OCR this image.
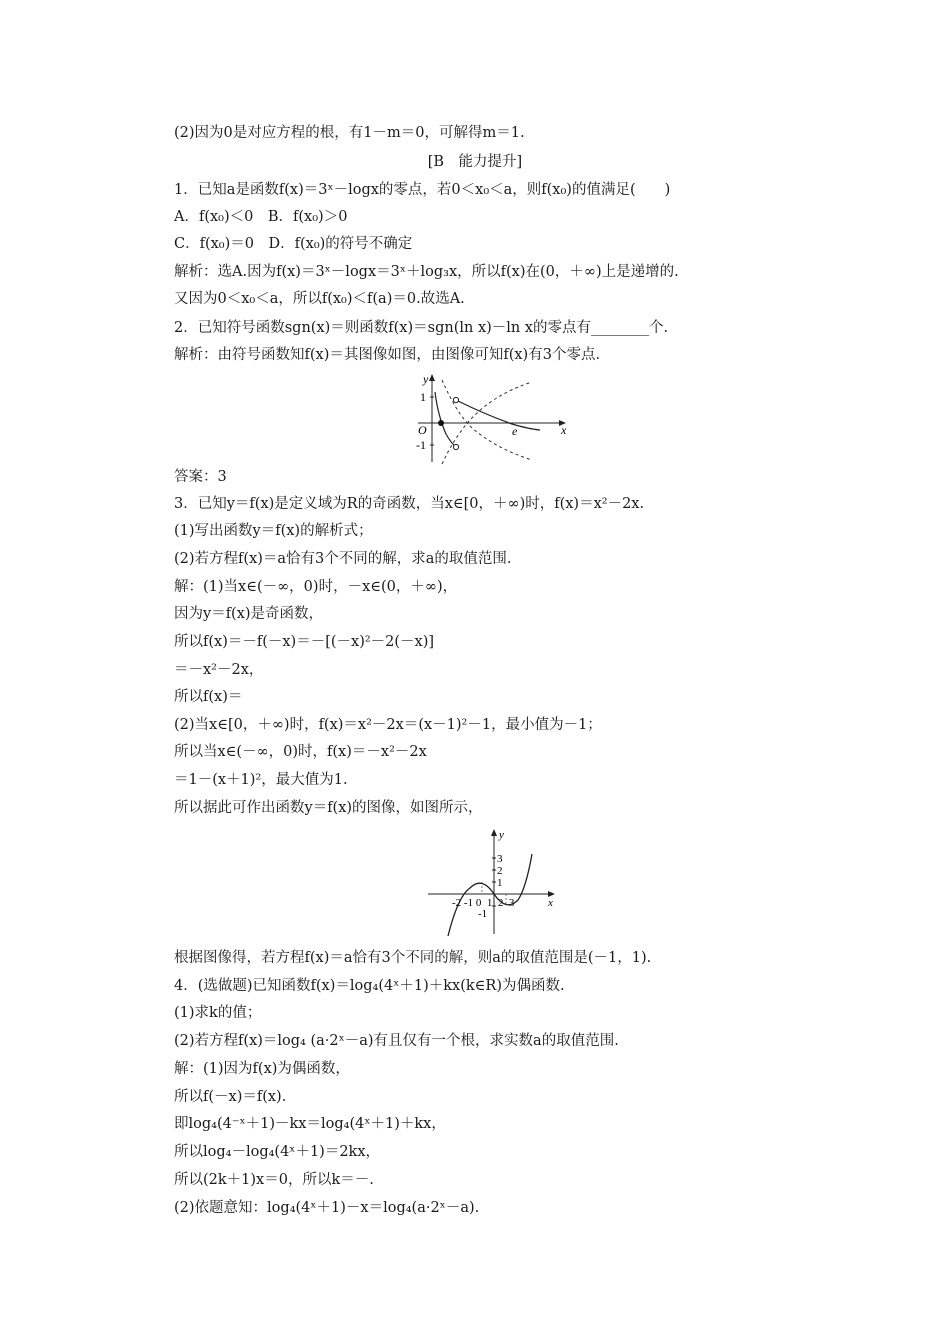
(2)因为0是对应方程的根，有1－m＝0，可解得m＝1.
[B　能力提升]
1．已知a是函数f(x)＝3ˣ－logx的零点，若0＜x₀＜a，则f(x₀)的值满足(　　)
A．f(x₀)＜0　B．f(x₀)＞0
C．f(x₀)＝0　D．f(x₀)的符号不确定
解析：选A.因为f(x)＝3ˣ－logx＝3ˣ＋log₃x，所以f(x)在(0，＋∞)上是递增的.
又因为0＜x₀＜a，所以f(x₀)＜f(a)＝0.故选A.
2．已知符号函数sgn(x)＝则函数f(x)＝sgn(ln x)－ln x的零点有________个.
解析：由符号函数知f(x)＝其图像如图，由图像可知f(x)有3个零点.
y
x
1
O
-1
e
答案：3
3．已知y＝f(x)是定义域为R的奇函数，当x∈[0，＋∞)时，f(x)＝x²－2x.
(1)写出函数y＝f(x)的解析式；
(2)若方程f(x)＝a恰有3个不同的解，求a的取值范围.
解：(1)当x∈(－∞，0)时，－x∈(0，＋∞)，
因为y＝f(x)是奇函数，
所以f(x)＝－f(－x)＝－[(－x)²－2(－x)]
＝－x²－2x，
所以f(x)＝
(2)当x∈[0，＋∞)时，f(x)＝x²－2x＝(x－1)²－1，最小值为－1；
所以当x∈(－∞，0)时，f(x)＝－x²－2x
＝1－(x＋1)²，最大值为1.
所以据此可作出函数y＝f(x)的图像，如图所示，
y
x
3
2
1
-1
-2 -1 0  1  2  3
根据图像得，若方程f(x)＝a恰有3个不同的解，则a的取值范围是(－1，1).
4．(选做题)已知函数f(x)＝log₄(4ˣ＋1)＋kx(k∈R)为偶函数.
(1)求k的值；
(2)若方程f(x)＝log₄ (a·2ˣ－a)有且仅有一个根，求实数a的取值范围.
解：(1)因为f(x)为偶函数，
所以f(－x)＝f(x).
即log₄(4⁻ˣ＋1)－kx＝log₄(4ˣ＋1)＋kx，
所以log₄－log₄(4ˣ＋1)＝2kx，
所以(2k＋1)x＝0，所以k＝－.
(2)依题意知：log₄(4ˣ＋1)－x＝log₄(a·2ˣ－a).
